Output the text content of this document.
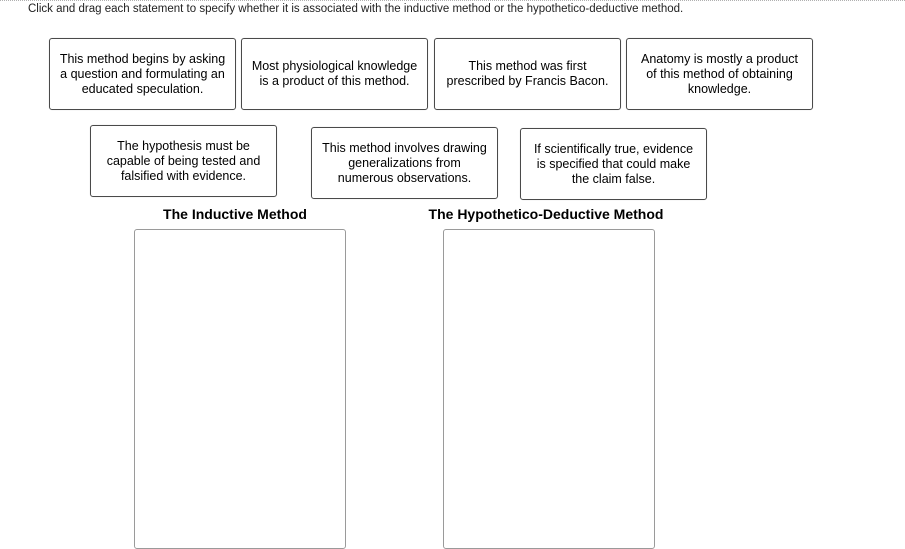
Click and drag each statement to specify whether it is associated with the inductive method or the hypothetico-deductive method.
This method begins by asking a question and formulating an educated speculation.
Most physiological knowledge is a product of this method.
This method was first prescribed by Francis Bacon.
Anatomy is mostly a product of this method of obtaining knowledge.
The hypothesis must be capable of being tested and falsified with evidence.
This method involves drawing generalizations from numerous observations.
If scientifically true, evidence is specified that could make the claim false.
The Inductive Method	The Hypothetico-Deductive Method
